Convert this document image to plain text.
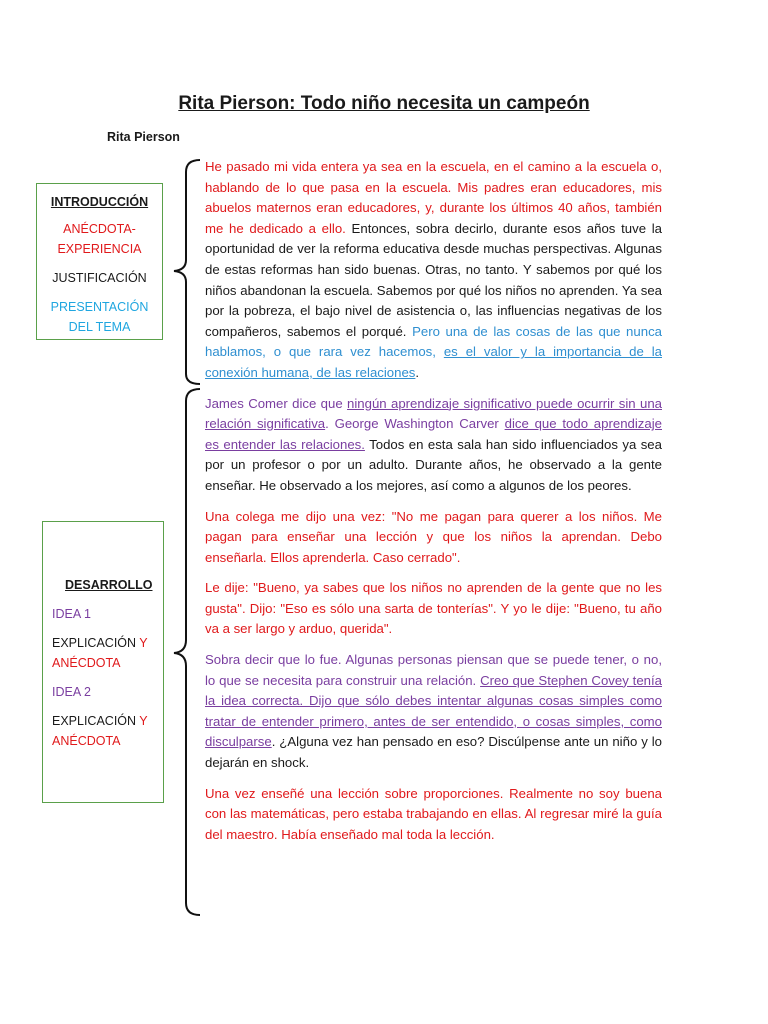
Rita Pierson: Todo niño necesita un campeón
Rita Pierson
INTRODUCCIÓN
ANÉCDOTA-
EXPERIENCIA
JUSTIFICACIÓN
PRESENTACIÓN
DEL TEMA
DESARROLLO
IDEA 1
EXPLICACIÓN Y
ANÉCDOTA
IDEA 2
EXPLICACIÓN Y
ANÉCDOTA

He pasado mi vida entera ya sea en la escuela, en el camino a la escuela o, hablando de lo que pasa en la escuela. Mis padres eran educadores, mis abuelos maternos eran educadores, y, durante los últimos 40 años, también me he dedicado a ello. Entonces, sobra decirlo, durante esos años tuve la oportunidad de ver la reforma educativa desde muchas perspectivas. Algunas de estas reformas han sido buenas. Otras, no tanto. Y sabemos por qué los niños abandonan la escuela. Sabemos por qué los niños no aprenden. Ya sea por la pobreza, el bajo nivel de asistencia o, las influencias negativas de los compañeros, sabemos el porqué. Pero una de las cosas de las que nunca hablamos, o que rara vez hacemos, es el valor y la importancia de la conexión humana, de las relaciones.

James Comer dice que ningún aprendizaje significativo puede ocurrir sin una relación significativa. George Washington Carver dice que todo aprendizaje es entender las relaciones. Todos en esta sala han sido influenciados ya sea por un profesor o por un adulto. Durante años, he observado a la gente enseñar. He observado a los mejores, así como a algunos de los peores.

Una colega me dijo una vez: "No me pagan para querer a los niños. Me pagan para enseñar una lección y que los niños la aprendan. Debo enseñarla. Ellos aprenderla. Caso cerrado".

Le dije: "Bueno, ya sabes que los niños no aprenden de la gente que no les gusta". Dijo: "Eso es sólo una sarta de tonterías". Y yo le dije: "Bueno, tu año va a ser largo y arduo, querida".

Sobra decir que lo fue. Algunas personas piensan que se puede tener, o no, lo que se necesita para construir una relación. Creo que Stephen Covey tenía la idea correcta. Dijo que sólo debes intentar algunas cosas simples como tratar de entender primero, antes de ser entendido, o cosas simples, como disculparse. ¿Alguna vez han pensado en eso? Discúlpense ante un niño y lo dejarán en shock.

Una vez enseñé una lección sobre proporciones. Realmente no soy buena con las matemáticas, pero estaba trabajando en ellas. Al regresar miré la guía del maestro. Había enseñado mal toda la lección.
